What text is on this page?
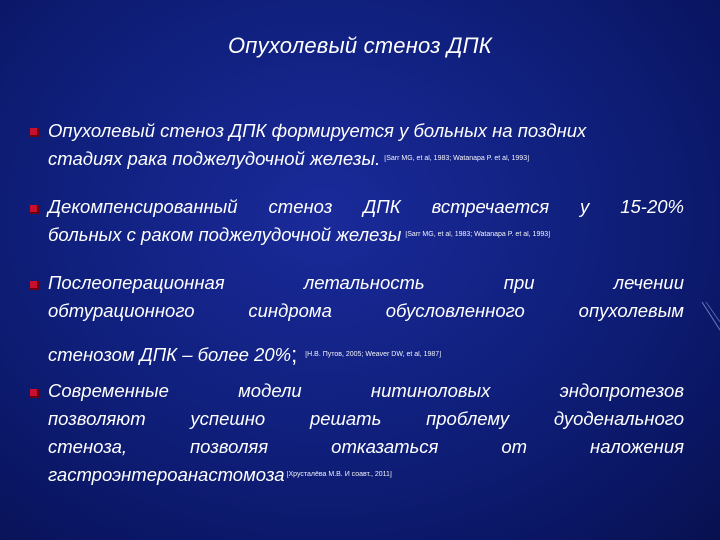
Опухолевый стеноз ДПК
Опухолевый стеноз ДПК формируется у больных на поздних
стадиях рака поджелудочной железы. [Sarr MG, et al, 1983; Watanapa P. et al, 1993]
Декомпенсированный стеноз ДПК встречается у 15-20%
больных с раком поджелудочной железы [Sarr MG, et al, 1983; Watanapa P. et al, 1993]
Послеоперационная	летальность	при	лечении
обтурационного	синдрома	обусловленного	опухолевым
стенозом ДПК – более 20% ; [Н.В. Путов, 2005; Weaver DW, et al, 1987]
Современные	модели	нитиноловых	эндопротезов
позволяют успешно решать проблему дуоденального
стеноза,	позволяя	отказаться	от	наложения
гастроэнтероанастомоза [Хрусталёва М.В. И соавт., 2011]
